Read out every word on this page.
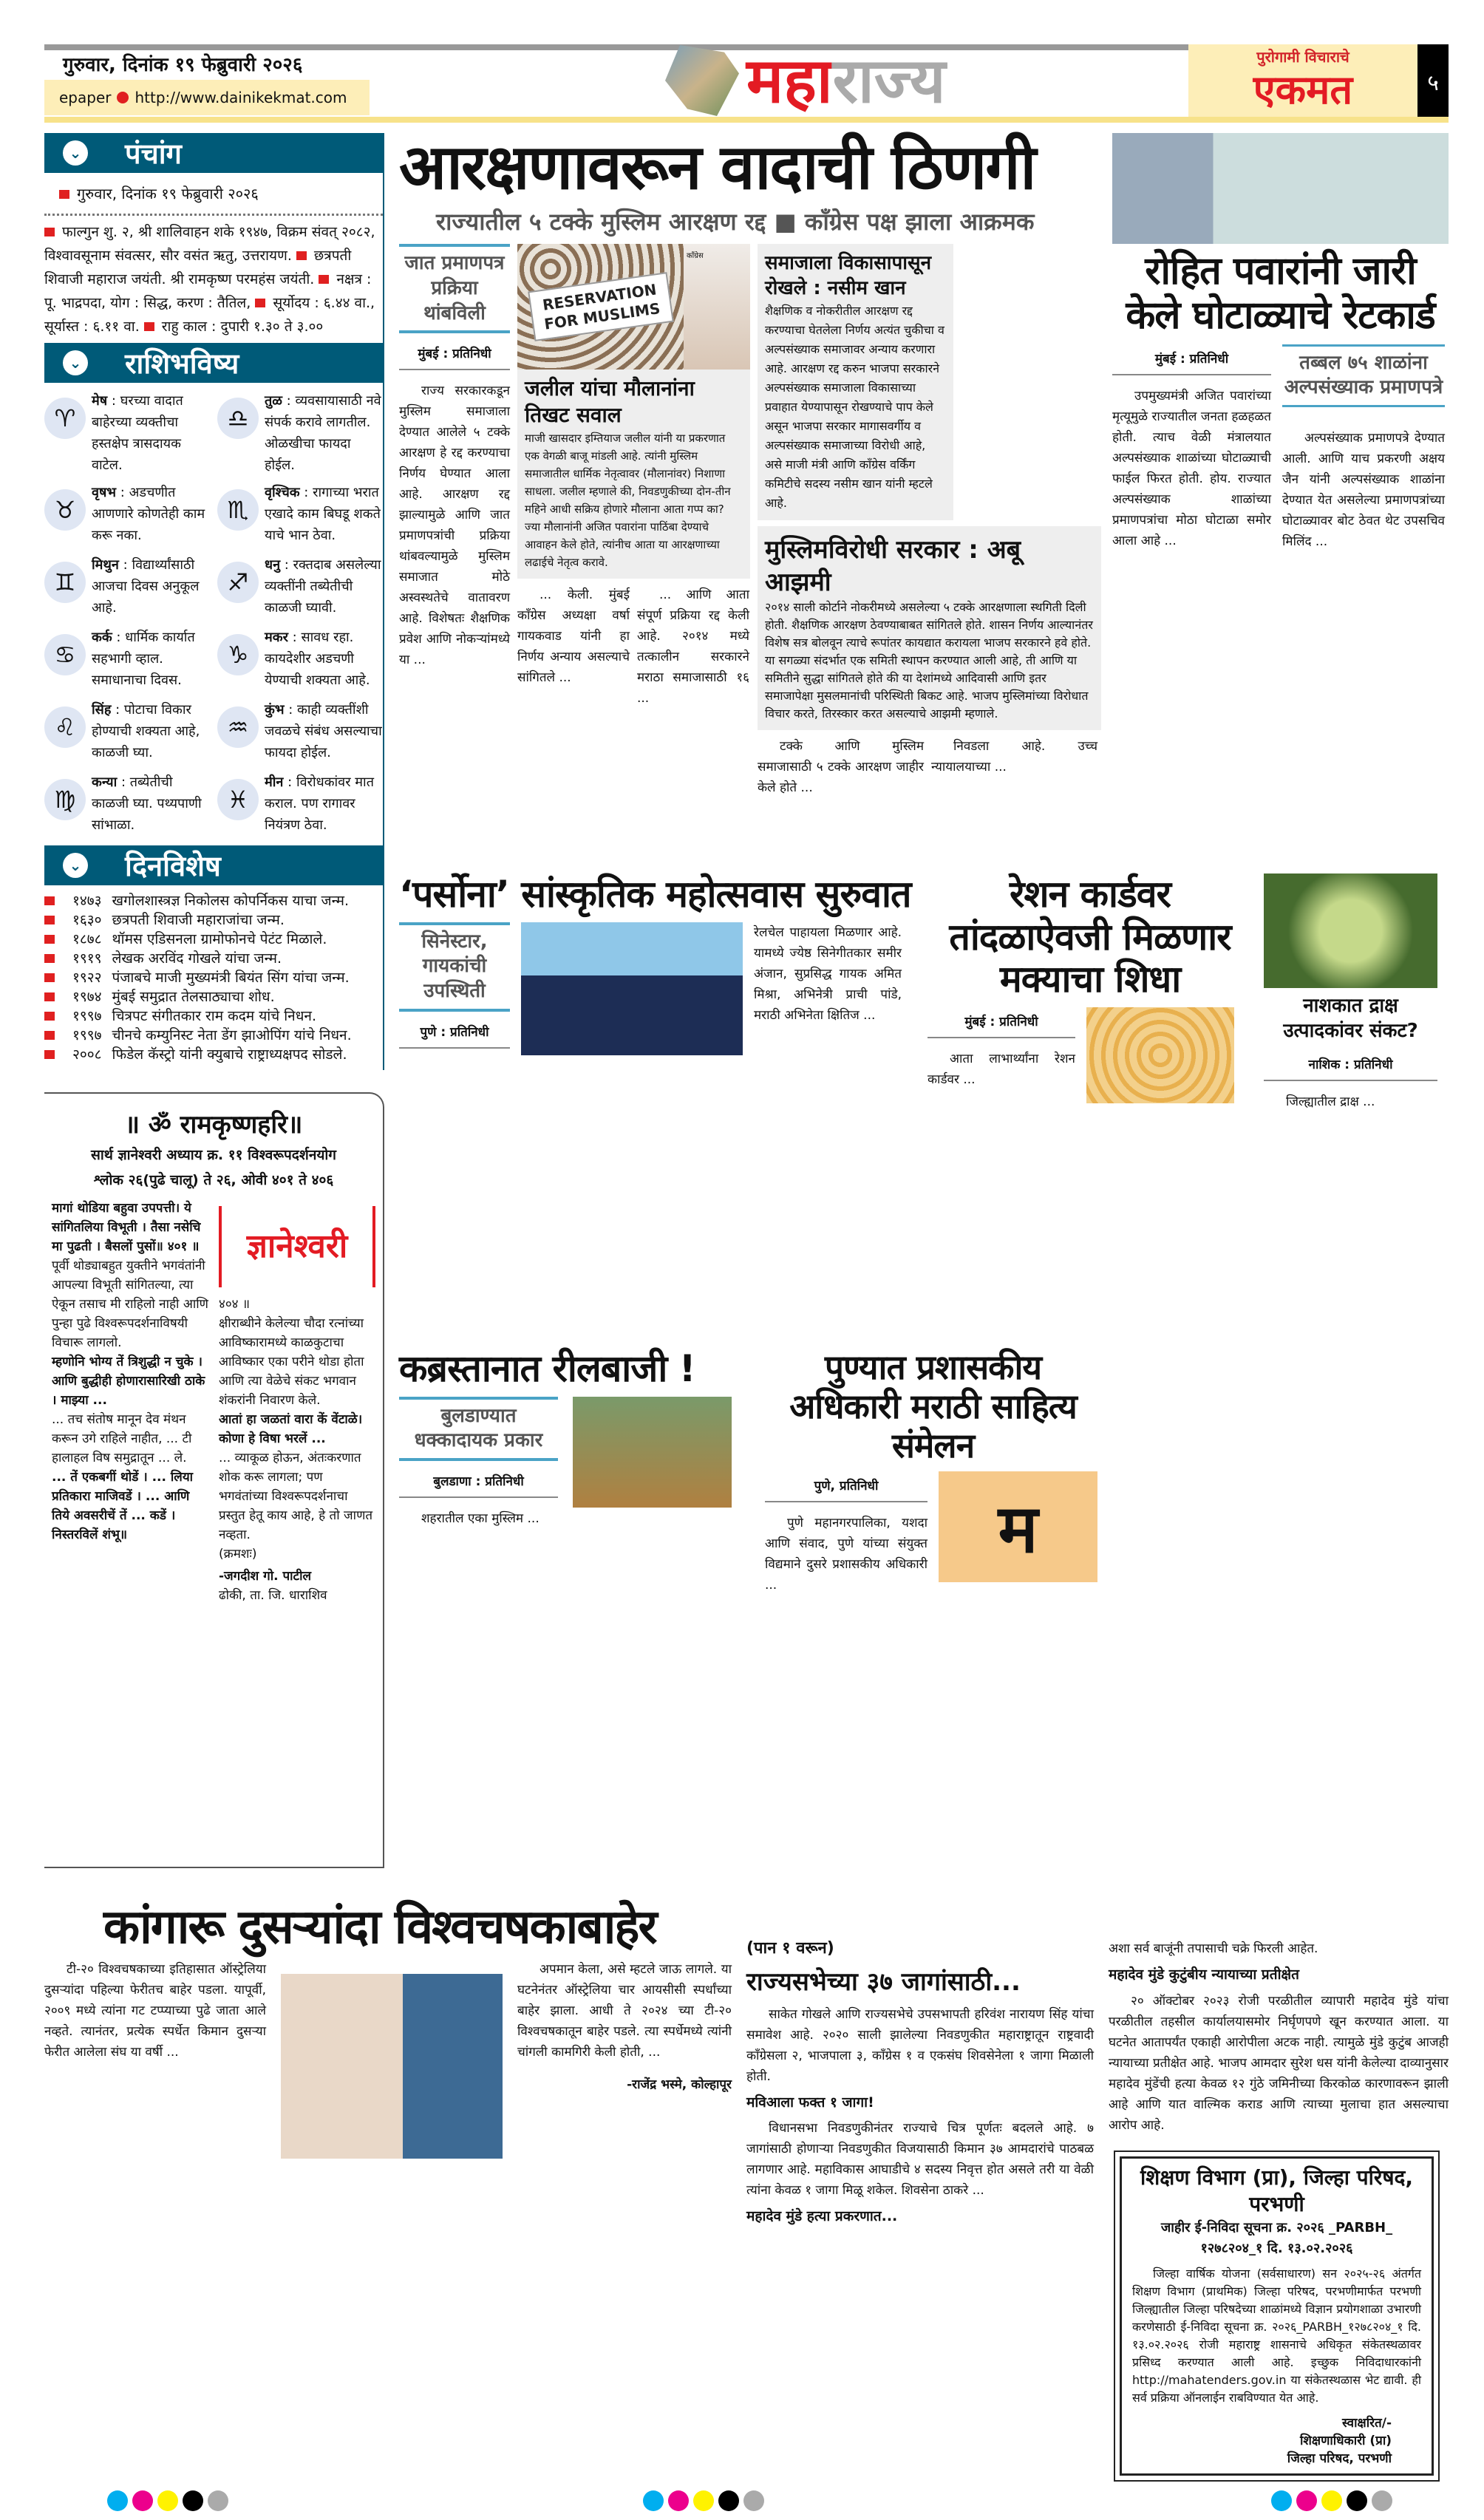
गुरुवार, दिनांक १९ फेब्रुवारी २०२६
epaper http://www.dainikekmat.com	महाराज्य	पुरोगामी विचाराचे
एकमत	५
⌄ पंचांग
गुरुवार, दिनांक १९ फेब्रुवारी २०२६
फाल्गुन शु. २, श्री शालिवाहन शके १९४७, विक्रम संवत् २०८२, विश्वावसूनाम संवत्सर, सौर वसंत ऋतु, उत्तरायण. छत्रपती शिवाजी महाराज जयंती. श्री रामकृष्ण परमहंस जयंती. नक्षत्र : पू. भाद्रपदा, योग : सिद्ध, करण : तैतिल, सूर्योदय : ६.४४ वा., सूर्यास्त : ६.११ वा. राहु काल : दुपारी १.३० ते ३.००
⌄ राशिभविष्य
♈
मेष : घरच्या वादात बाहेरच्या व्यक्तीचा हस्तक्षेप त्रासदायक वाटेल.
♎
तुळ : व्यवसायासाठी नवे संपर्क करावे लागतील. ओळखीचा फायदा होईल.
♉
वृषभ : अडचणीत आणणारे कोणतेही काम करू नका.
♏
वृश्चिक : रागाच्या भरात एखादे काम बिघडू शकते याचे भान ठेवा.
♊
मिथुन : विद्यार्थ्यांसाठी आजचा दिवस अनुकूल आहे.
♐
धनु : रक्तदाब असलेल्या व्यक्तींनी तब्येतीची काळजी घ्यावी.
♋
कर्क : धार्मिक कार्यात सहभागी व्हाल. समाधानाचा दिवस.
♑
मकर : सावध रहा. कायदेशीर अडचणी येण्याची शक्यता आहे.
♌
सिंह : पोटाचा विकार होण्याची शक्यता आहे, काळजी घ्या.
♒
कुंभ : काही व्यक्तींशी जवळचे संबंध असल्याचा फायदा होईल.
♍
कन्या : तब्येतीची काळजी घ्या. पथ्यपाणी सांभाळा.
♓
मीन : विरोधकांवर मात कराल. पण रागावर नियंत्रण ठेवा.
⌄ दिनविशेष
१४७३ खगोलशास्त्रज्ञ निकोलस कोपर्निकस याचा जन्म.
१६३० छत्रपती शिवाजी महाराजांचा जन्म.
१८७८ थॉमस एडिसनला ग्रामोफोनचे पेटंट मिळाले.
१९१९ लेखक अरविंद गोखले यांचा जन्म.
१९२२ पंजाबचे माजी मुख्यमंत्री बियंत सिंग यांचा जन्म.
१९७४ मुंबई समुद्रात तेलसाठ्याचा शोध.
१९९७ चित्रपट संगीतकार राम कदम यांचे निधन.
१९९७ चीनचे कम्युनिस्ट नेता डेंग झाओपिंग यांचे निधन.
२००८ फिडेल कॅस्ट्रो यांनी क्युबाचे राष्ट्राध्यक्षपद सोडले.
॥ ॐ रामकृष्णहरि॥
सार्थ ज्ञानेश्वरी अध्याय क्र. ११ विश्वरूपदर्शनयोग
श्लोक २६(पुढे चालू) ते २६, ओवी ४०१ ते ४०६
मागां थोडिया बहुवा उपपत्ती। ये सांगितलिया विभूती । तैसा नसेचि मा पुढती । बैसलों पुसों॥ ४०१ ॥
पूर्वी थोड्याबहुत युक्तीने भगवंतांनी आपल्या विभूती सांगितल्या, त्या ऐकून तसाच मी राहिलो नाही आणि पुन्हा पुढे विश्वरूपदर्शनाविषयी विचारू लागलो.
म्हणोनि भोग्य तें त्रिशुद्धी न चुके । आणि बुद्धीही होणारासारिखी ठाके । माझ्या ...
... तच संतोष मानून देव मंथन करून उगे राहिले नाहीत, ... टी हालाहल विष समुद्रातून ... ले.
... तें एकबगीं थोडें । ... लिया प्रतिकारा माजिवडें । ... आणि तिये अवसरीचें तें ... कडें । निस्तरविलें शंभू॥
ज्ञानेश्वरी
४०४ ॥
क्षीराब्धीने केलेल्या चौदा रत्नांच्या आविष्कारामध्ये काळकुटाचा आविष्कार एका परीने थोडा होता आणि त्या वेळेचे संकट भगवान शंकरांनी निवारण केले.
आतां हा जळतां वारा कें वेंटाळे। कोणा हे विषा भरलें ...
... व्याकूळ होऊन, अंतःकरणात शोक करू लागला; पण भगवंतांच्या विश्वरूपदर्शनाचा प्रस्तुत हेतू काय आहे, हे तो जाणत नव्हता.
(क्रमशः)
-जगदीश गो. पाटील
ढोकी, ता. जि. धाराशिव
आरक्षणावरून वादाची ठिणगी
राज्यातील ५ टक्के मुस्लिम आरक्षण रद्द ■ काँग्रेस पक्ष झाला आक्रमक
जात प्रमाणपत्र प्रक्रिया थांबविली
मुंबई : प्रतिनिधी
राज्य सरकारकडून मुस्लिम समाजाला देण्यात आलेले ५ टक्के आरक्षण हे रद्द करण्याचा निर्णय घेण्यात आला आहे. आरक्षण रद्द झाल्यामुळे आणि जात प्रमाणपत्रांची प्रक्रिया थांबवल्यामुळे मुस्लिम समाजात मोठे अस्वस्थतेचे वातावरण आहे. विशेषतः शैक्षणिक प्रवेश आणि नोकऱ्यांमध्ये या ...
RESERVATION FOR MUSLIMS
काँग्रेस
जलील यांचा मौलानांना तिखट सवाल
माजी खासदार इम्तियाज जलील यांनी या प्रकरणात एक वेगळी बाजू मांडली आहे. त्यांनी मुस्लिम समाजातील धार्मिक नेतृत्वावर (मौलानांवर) निशाणा साधला. जलील म्हणाले की, निवडणुकीच्या दोन-तीन महिने आधी सक्रिय होणारे मौलाना आता गप्प का? ज्या मौलानांनी अजित पवारांना पाठिंबा देण्याचे आवाहन केले होते, त्यांनीच आता या आरक्षणाच्या लढाईचे नेतृत्व करावे.
... केली. मुंबई काँग्रेस अध्यक्षा वर्षा गायकवाड यांनी हा निर्णय अन्याय असल्याचे सांगितले ...
... आणि आता संपूर्ण प्रक्रिया रद्द केली आहे. २०१४ मध्ये तत्कालीन सरकारने मराठा समाजासाठी १६ ...
समाजाला विकासापासून रोखले : नसीम खान
शैक्षणिक व नोकरीतील आरक्षण रद्द करण्याचा घेतलेला निर्णय अत्यंत चुकीचा व अल्पसंख्याक समाजावर अन्याय करणारा आहे. आरक्षण रद्द करुन भाजपा सरकारने अल्पसंख्याक समाजाला विकासाच्या प्रवाहात येण्यापासून रोखण्याचे पाप केले असून भाजपा सरकार मागासवर्गीय व अल्पसंख्याक समाजाच्या विरोधी आहे, असे माजी मंत्री आणि काँग्रेस वर्किंग कमिटीचे सदस्य नसीम खान यांनी म्हटले आहे.
मुस्लिमविरोधी सरकार : अबू आझमी
२०१४ साली कोर्टाने नोकरीमध्ये असलेल्या ५ टक्के आरक्षणाला स्थगिती दिली होती. शैक्षणिक आरक्षण ठेवण्याबाबत सांगितले होते. शासन निर्णय आल्यानंतर विशेष सत्र बोलवून त्याचे रूपांतर कायद्यात करायला भाजप सरकारने हवे होते. या सगळ्या संदर्भात एक समिती स्थापन करण्यात आली आहे, ती आणि या समितीने सुद्धा सांगितले होते की या देशांमध्ये आदिवासी आणि इतर समाजापेक्षा मुसलमानांची परिस्थिती बिकट आहे. भाजप मुस्लिमांच्या विरोधात विचार करते, तिरस्कार करत असल्याचे आझमी म्हणाले.
टक्के आणि मुस्लिम समाजासाठी ५ टक्के आरक्षण जाहीर केले होते ...
निवडला आहे. उच्च न्यायालयाच्या ...
रोहित पवारांनी जारी केले घोटाळ्याचे रेटकार्ड
मुंबई : प्रतिनिधी
उपमुख्यमंत्री अजित पवारांच्या मृत्यूमुळे राज्यातील जनता हळहळत होती. त्याच वेळी मंत्रालयात अल्पसंख्याक शाळांच्या घोटाळ्याची फाईल फिरत होती. होय. राज्यात अल्पसंख्याक शाळांच्या प्रमाणपत्रांचा मोठा घोटाळा समोर आला आहे ...
तब्बल ७५ शाळांना अल्पसंख्याक प्रमाणपत्रे
अल्पसंख्याक प्रमाणपत्रे देण्यात आली. आणि याच प्रकरणी अक्षय जैन यांनी अल्पसंख्याक शाळांना देण्यात येत असलेल्या प्रमाणपत्रांच्या घोटाळ्यावर बोट ठेवत थेट उपसचिव मिलिंद ...
‘पर्सोना’ सांस्कृतिक महोत्सवास सुरुवात
सिनेस्टार, गायकांची उपस्थिती
पुणे : प्रतिनिधी
रेलचेल पाहायला मिळणार आहे. यामध्ये ज्येष्ठ सिनेगीतकार समीर अंजान, सुप्रसिद्ध गायक अमित मिश्रा, अभिनेत्री प्राची पांडे, मराठी अभिनेता क्षितिज ...
रेशन कार्डवर तांदळाऐवजी मिळणार मक्याचा शिधा
मुंबई : प्रतिनिधी
आता लाभार्थ्यांना रेशन कार्डवर ...
नाशकात द्राक्ष उत्पादकांवर संकट?
नाशिक : प्रतिनिधी
जिल्ह्यातील द्राक्ष ...
कब्रस्तानात रीलबाजी !
बुलडाण्यात धक्कादायक प्रकार
बुलडाणा : प्रतिनिधी
शहरातील एका मुस्लिम ...
पुण्यात प्रशासकीय अधिकारी मराठी साहित्य संमेलन
पुणे, प्रतिनिधी
पुणे महानगरपालिका, यशदा आणि संवाद, पुणे यांच्या संयुक्त विद्यमाने दुसरे प्रशासकीय अधिकारी ...
म
कांगारू दुसऱ्यांदा विश्वचषकाबाहेर
टी-२० विश्वचषकाच्या इतिहासात ऑस्ट्रेलिया दुसऱ्यांदा पहिल्या फेरीतच बाहेर पडला. यापूर्वी, २००९ मध्ये त्यांना गट टप्प्याच्या पुढे जाता आले नव्हते. त्यानंतर, प्रत्येक स्पर्धेत किमान दुसऱ्या फेरीत आलेला संघ या वर्षी ...
अपमान केला, असे म्हटले जाऊ लागले. या घटनेनंतर ऑस्ट्रेलिया चार आयसीसी स्पर्धांच्या बाहेर झाला. आधी ते २०२४ च्या टी-२० विश्वचषकातून बाहेर पडले. त्या स्पर्धेमध्ये त्यांनी चांगली कामगिरी केली होती, ...
-राजेंद्र भस्मे, कोल्हापूर
(पान १ वरून)
राज्यसभेच्या ३७ जागांसाठी...
साकेत गोखले आणि राज्यसभेचे उपसभापती हरिवंश नारायण सिंह यांचा समावेश आहे. २०२० साली झालेल्या निवडणुकीत महाराष्ट्रातून राष्ट्रवादी काँग्रेसला २, भाजपाला ३, काँग्रेस १ व एकसंघ शिवसेनेला १ जागा मिळाली होती.
मविआला फक्त १ जागा!
विधानसभा निवडणुकीनंतर राज्याचे चित्र पूर्णतः बदलले आहे. ७ जागांसाठी होणाऱ्या निवडणुकीत विजयासाठी किमान ३७ आमदारांचे पाठबळ लागणार आहे. महाविकास आघाडीचे ४ सदस्य निवृत्त होत असले तरी या वेळी त्यांना केवळ १ जागा मिळू शकेल. शिवसेना ठाकरे ...
महादेव मुंडे हत्या प्रकरणात...
अशा सर्व बाजूंनी तपासाची चक्रे फिरली आहेत.
महादेव मुंडे कुटुंबीय न्यायाच्या प्रतीक्षेत
२० ऑक्टोबर २०२३ रोजी परळीतील व्यापारी महादेव मुंडे यांचा परळीतील तहसील कार्यालयासमोर निर्घृणपणे खून करण्यात आला. या घटनेत आतापर्यंत एकाही आरोपीला अटक नाही. त्यामुळे मुंडे कुटुंब आजही न्यायाच्या प्रतीक्षेत आहे. भाजप आमदार सुरेश धस यांनी केलेल्या दाव्यानुसार महादेव मुंडेंची हत्या केवळ १२ गुंठे जमिनीच्या किरकोळ कारणावरून झाली आहे आणि यात वाल्मिक कराड आणि त्याच्या मुलाचा हात असल्याचा आरोप आहे.
शिक्षण विभाग (प्रा), जिल्हा परिषद, परभणी
जाहीर ई-निविदा सूचना क्र. २०२६ _PARBH_ १२७८२०४_१ दि. १३.०२.२०२६
जिल्हा वार्षिक योजना (सर्वसाधारण) सन २०२५-२६ अंतर्गत शिक्षण विभाग (प्राथमिक) जिल्हा परिषद, परभणीमार्फत परभणी जिल्ह्यातील जिल्हा परिषदेच्या शाळांमध्ये विज्ञान प्रयोगशाळा उभारणी करणेसाठी ई-निविदा सूचना क्र. २०२६_PARBH_१२७८२०४_१ दि. १३.०२.२०२६ रोजी महाराष्ट्र शासनाचे अधिकृत संकेतस्थळावर प्रसिध्द करण्यात आली आहे. इच्छुक निविदाधारकांनी http://mahatenders.gov.in या संकेतस्थळास भेट द्यावी. ही सर्व प्रक्रिया ऑनलाईन राबविण्यात येत आहे.
स्वाक्षरित/-
शिक्षणाधिकारी (प्रा)
जिल्हा परिषद, परभणी
